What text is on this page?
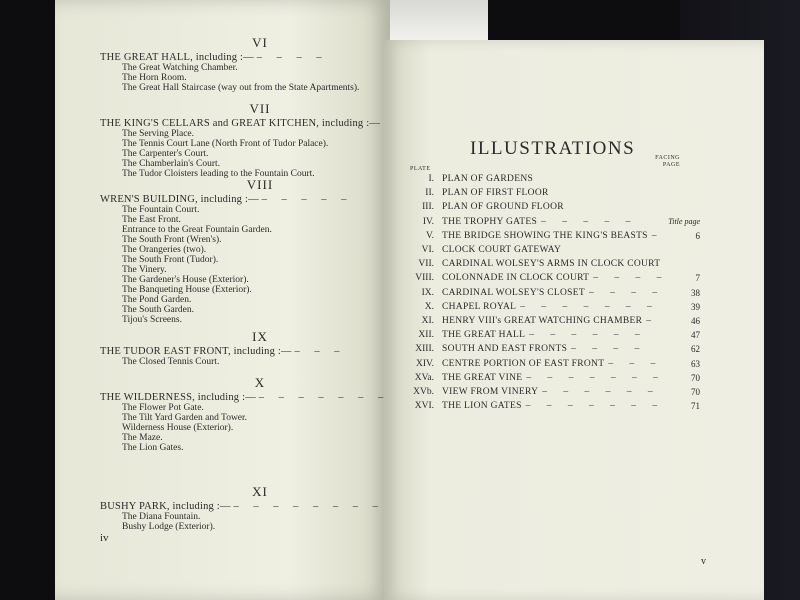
VI
THE GREAT HALL, including :— – – – –
The Great Watching Chamber.
The Horn Room.
The Great Hall Staircase (way out from the State Apartments).
VII
THE KING'S CELLARS and GREAT KITCHEN, including :—
The Serving Place.
The Tennis Court Lane (North Front of Tudor Palace).
The Carpenter's Court.
The Chamberlain's Court.
The Tudor Cloisters leading to the Fountain Court.
VIII
WREN'S BUILDING, including :— – – – – –
The Fountain Court.
The East Front.
Entrance to the Great Fountain Garden.
The South Front (Wren's).
The Orangeries (two).
The South Front (Tudor).
The Vinery.
The Gardener's House (Exterior).
The Banqueting House (Exterior).
The Pond Garden.
The South Garden.
Tijou's Screens.
IX
THE TUDOR EAST FRONT, including :— – – –
The Closed Tennis Court.
X
THE WILDERNESS, including :— – – – – – – –
The Flower Pot Gate.
The Tilt Yard Garden and Tower.
Wilderness House (Exterior).
The Maze.
The Lion Gates.
XI
BUSHY PARK, including :— – – – – – – – –
The Diana Fountain.
Bushy Lodge (Exterior).
iv
ILLUSTRATIONS	FACING
PAGE
PLATE
I. PLAN OF GARDENS
II. PLAN OF FIRST FLOOR
III. PLAN OF GROUND FLOOR
IV. THE TROPHY GATES – – – – –	Title page
V. THE BRIDGE SHOWING THE KING'S BEASTS –	6
VI. CLOCK COURT GATEWAY
VII. CARDINAL WOLSEY'S ARMS IN CLOCK COURT
VIII. COLONNADE IN CLOCK COURT – – – –	7
IX. CARDINAL WOLSEY'S CLOSET – – – –	38
X. CHAPEL ROYAL – – – – – – –	39
XI. HENRY VIII's GREAT WATCHING CHAMBER –	46
XII. THE GREAT HALL – – – – – –	47
XIII. SOUTH AND EAST FRONTS – – – –	62
XIV. CENTRE PORTION OF EAST FRONT – – –	63
XVa. THE GREAT VINE – – – – – – –	70
XVb. VIEW FROM VINERY – – – – – –	70
XVI. THE LION GATES – – – – – – –	71
v
